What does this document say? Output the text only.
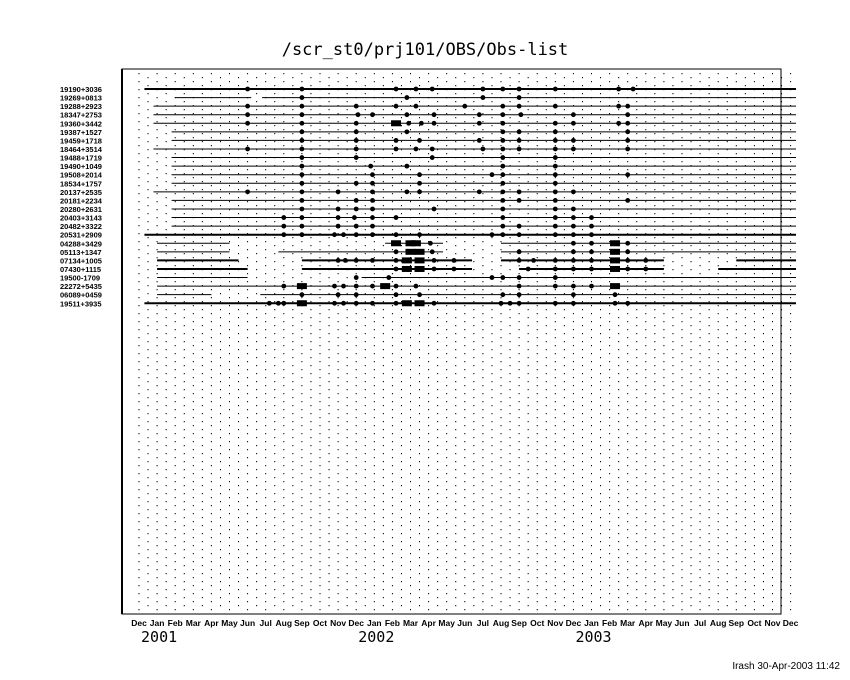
/scr_st0/prj101/OBS/Obs-list
Dec Jan Feb Mar Apr May Jun Jul Aug Sep Oct Nov Dec Jan Feb Mar Apr May Jun Jul Aug Sep Oct Nov Dec Jan Feb Mar Apr May Jun Jul Aug Sep Oct Nov Dec
2001	2002	2003
19190+3036
19269+0813
19288+2923
18347+2753
19360+3442
19387+1527
19459+1718
18464+3514
19488+1719
19490+1049
19508+2014
18534+1757
20137+2535
20181+2234
20280+2631
20403+3143
20482+3322
20531+2909
04288+3429
05113+1347
07134+1005
07430+1115
19500-1709
22272+5435
06089+0459
19511+3935
Irash 30-Apr-2003 11:42
